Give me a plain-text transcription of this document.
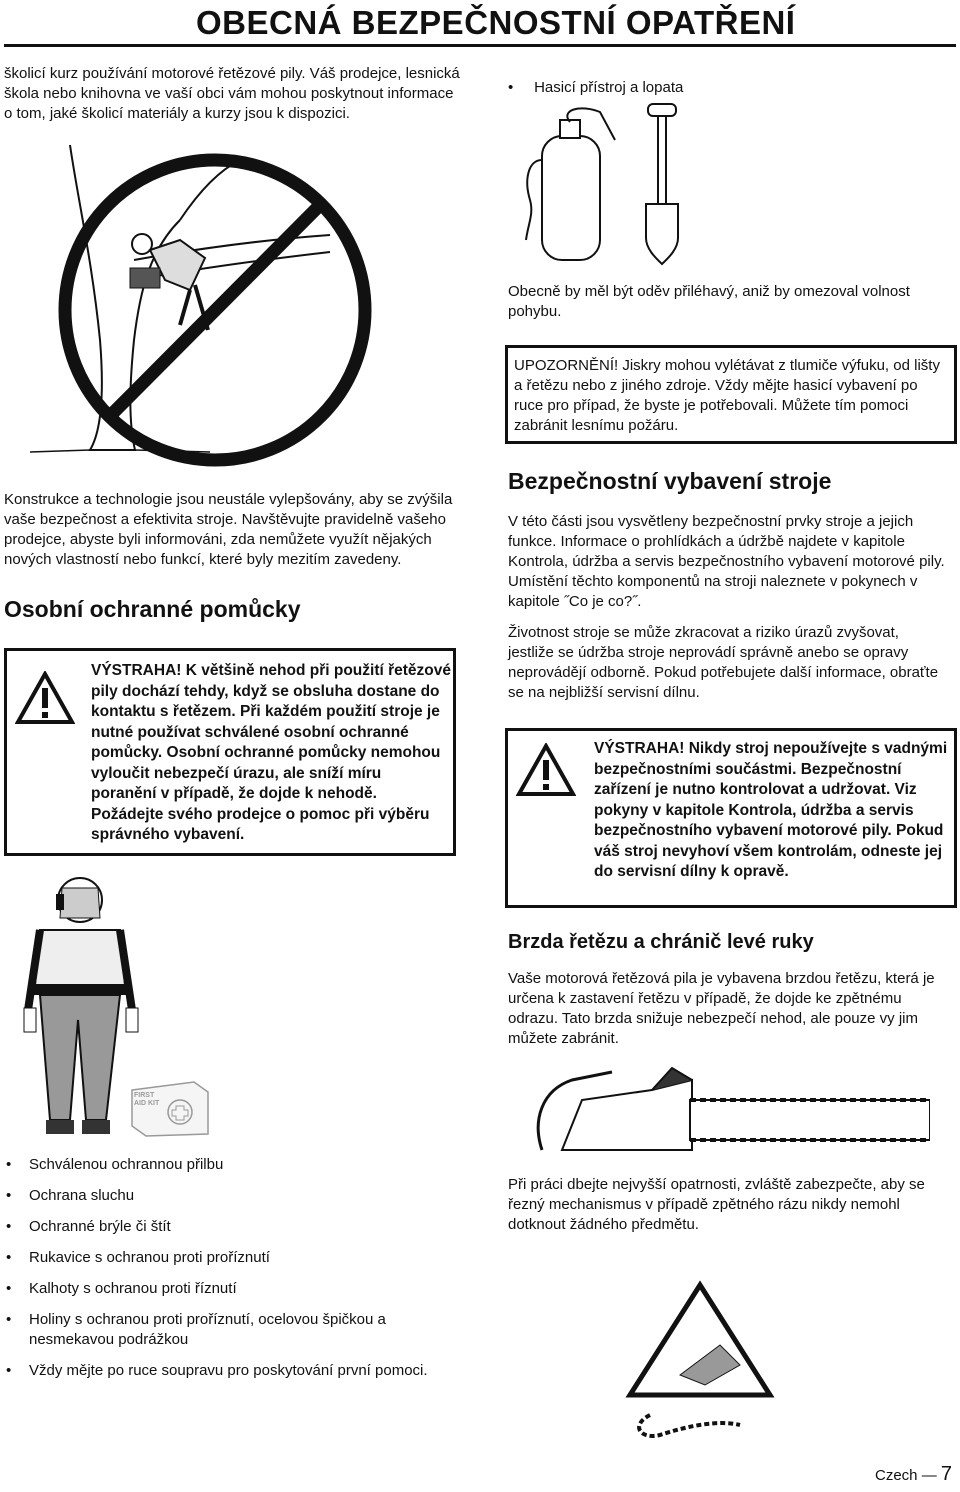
OBECNÁ BEZPEČNOSTNÍ OPATŘENÍ

školicí kurz používání motorové řetězové pily. Váš prodejce, lesnická škola nebo knihovna ve vaší obci vám mohou poskytnout informace o tom, jaké školicí materiály a kurzy jsou k dispozici.

Konstrukce a technologie jsou neustále vylepšovány, aby se zvýšila vaše bezpečnost a efektivita stroje. Navštěvujte pravidelně vašeho prodejce, abyste byli informováni, zda nemůžete využít nějakých nových vlastností nebo funkcí, které byly mezitím zavedeny.

Osobní ochranné pomůcky

VÝSTRAHA! K většině nehod při použití řetězové pily dochází tehdy, když se obsluha dostane do kontaktu s řetězem. Při každém použití stroje je nutné používat schválené osobní ochranné pomůcky. Osobní ochranné pomůcky nemohou vyloučit nebezpečí úrazu, ale sníží míru poranění v případě, že dojde k nehodě. Požádejte svého prodejce o pomoc při výběru správného vybavení.

FIRST AID KIT
• Schválenou ochrannou přilbu
• Ochrana sluchu
• Ochranné brýle či štít
• Rukavice s ochranou proti proříznutí
• Kalhoty s ochranou proti říznutí
• Holiny s ochranou proti proříznutí, ocelovou špičkou a nesmekavou podrážkou
• Vždy mějte po ruce soupravu pro poskytování první pomoci.
•     Hasicí přístroj a lopata

Obecně by měl být oděv přiléhavý, aniž by omezoval volnost pohybu.

UPOZORNĚNÍ! Jiskry mohou vylétávat z tlumiče výfuku, od lišty a řetězu nebo z jiného zdroje. Vždy mějte hasicí vybavení po ruce pro případ, že byste je potřebovali. Můžete tím pomoci zabránit lesnímu požáru.

Bezpečnostní vybavení stroje

V této části jsou vysvětleny bezpečnostní prvky stroje a jejich funkce. Informace o prohlídkách a údržbě najdete v kapitole Kontrola, údržba a servis bezpečnostního vybavení motorové pily. Umístění těchto komponentů na stroji naleznete v pokynech v kapitole ˝Co je co?˝.

Životnost stroje se může zkracovat a riziko úrazů zvyšovat, jestliže se údržba stroje neprovádí správně anebo se opravy neprovádějí odborně. Pokud potřebujete další informace, obraťte se na nejbližší servisní dílnu.

VÝSTRAHA! Nikdy stroj nepoužívejte s vadnými bezpečnostními součástmi. Bezpečnostní zařízení je nutno kontrolovat a udržovat. Viz pokyny v kapitole Kontrola, údržba a servis bezpečnostního vybavení motorové pily. Pokud váš stroj nevyhoví všem kontrolám, odneste jej do servisní dílny k opravě.

Brzda řetězu a chránič levé ruky

Vaše motorová řetězová pila je vybavena brzdou řetězu, která je určena k zastavení řetězu v případě, že dojde ke zpětnému odrazu. Tato brzda snižuje nebezpečí nehod, ale pouze vy jim můžete zabránit.

Při práci dbejte nejvyšší opatrnosti, zvláště zabezpečte, aby se řezný mechanismus v případě zpětného rázu nikdy nemohl dotknout žádného předmětu.

Czech — 7
